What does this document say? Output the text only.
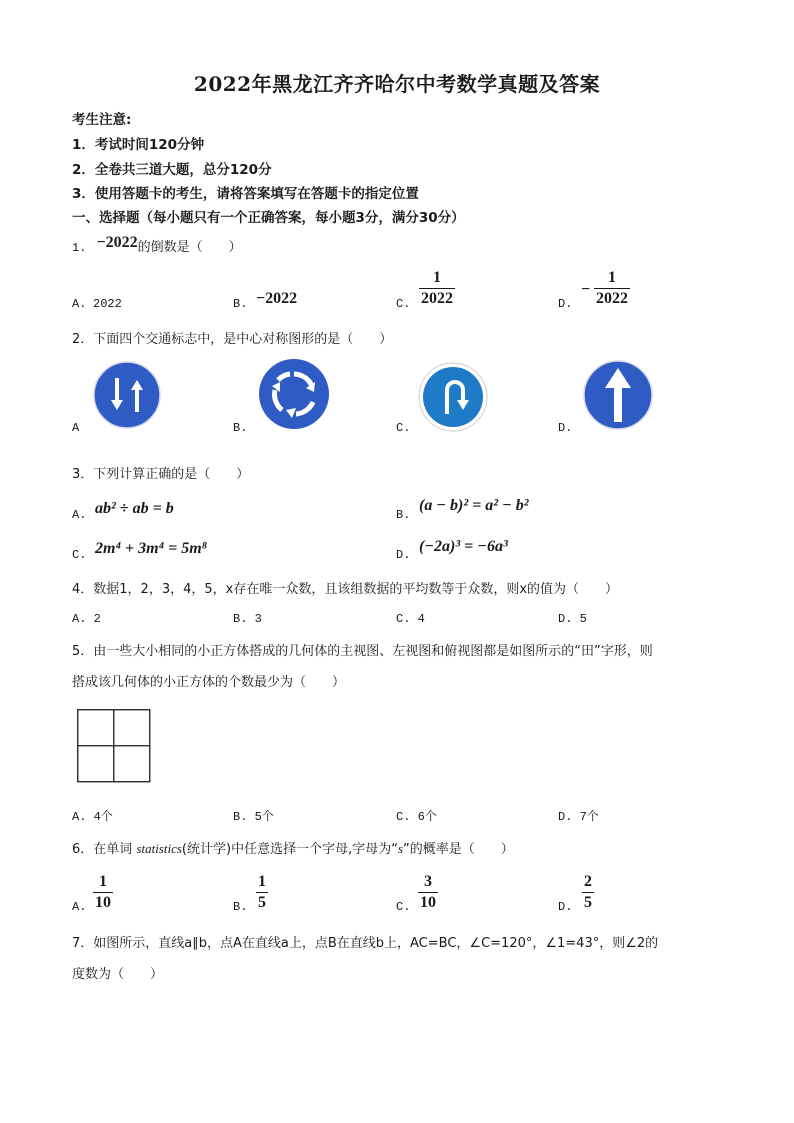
2022年黑龙江齐齐哈尔中考数学真题及答案
考生注意:
1．考试时间120分钟
2．全卷共三道大题，总分120分
3．使用答题卡的考生，请将答案填写在答题卡的指定位置
一、选择题（每小题只有一个正确答案，每小题3分，满分30分）
1. −2022的倒数是（　　）
A. 2022	B. −2022	C.
1
2022	D.
−
1
2022
2．下面四个交通标志中，是中心对称图形的是（　　）
A	B.	C.	D.
3．下列计算正确的是（　　）
A. ab² ÷ ab = b	B.
(a − b)² = a² − b²
C. 2m⁴ + 3m⁴ = 5m⁸	D. (−2a)³ = −6a³
4．数据1，2，3，4，5，x存在唯一众数，且该组数据的平均数等于众数，则x的值为（　　）
A. 2	B. 3	C. 4	D. 5
5．由一些大小相同的小正方体搭成的几何体的主视图、左视图和俯视图都是如图所示的“田”字形，则
搭成该几何体的小正方体的个数最少为（　　）
A. 4个	B. 5个	C. 6个	D. 7个
6．在单词 statistics(统计学)中任意选择一个字母,字母为“s”的概率是（　　）
A.
1
10	B.
1
5	C.
3
10	D.
2
5
7．如图所示，直线a∥b，点A在直线a上，点B在直线b上，AC=BC，∠C=120°，∠1=43°，则∠2的
度数为（　　）
